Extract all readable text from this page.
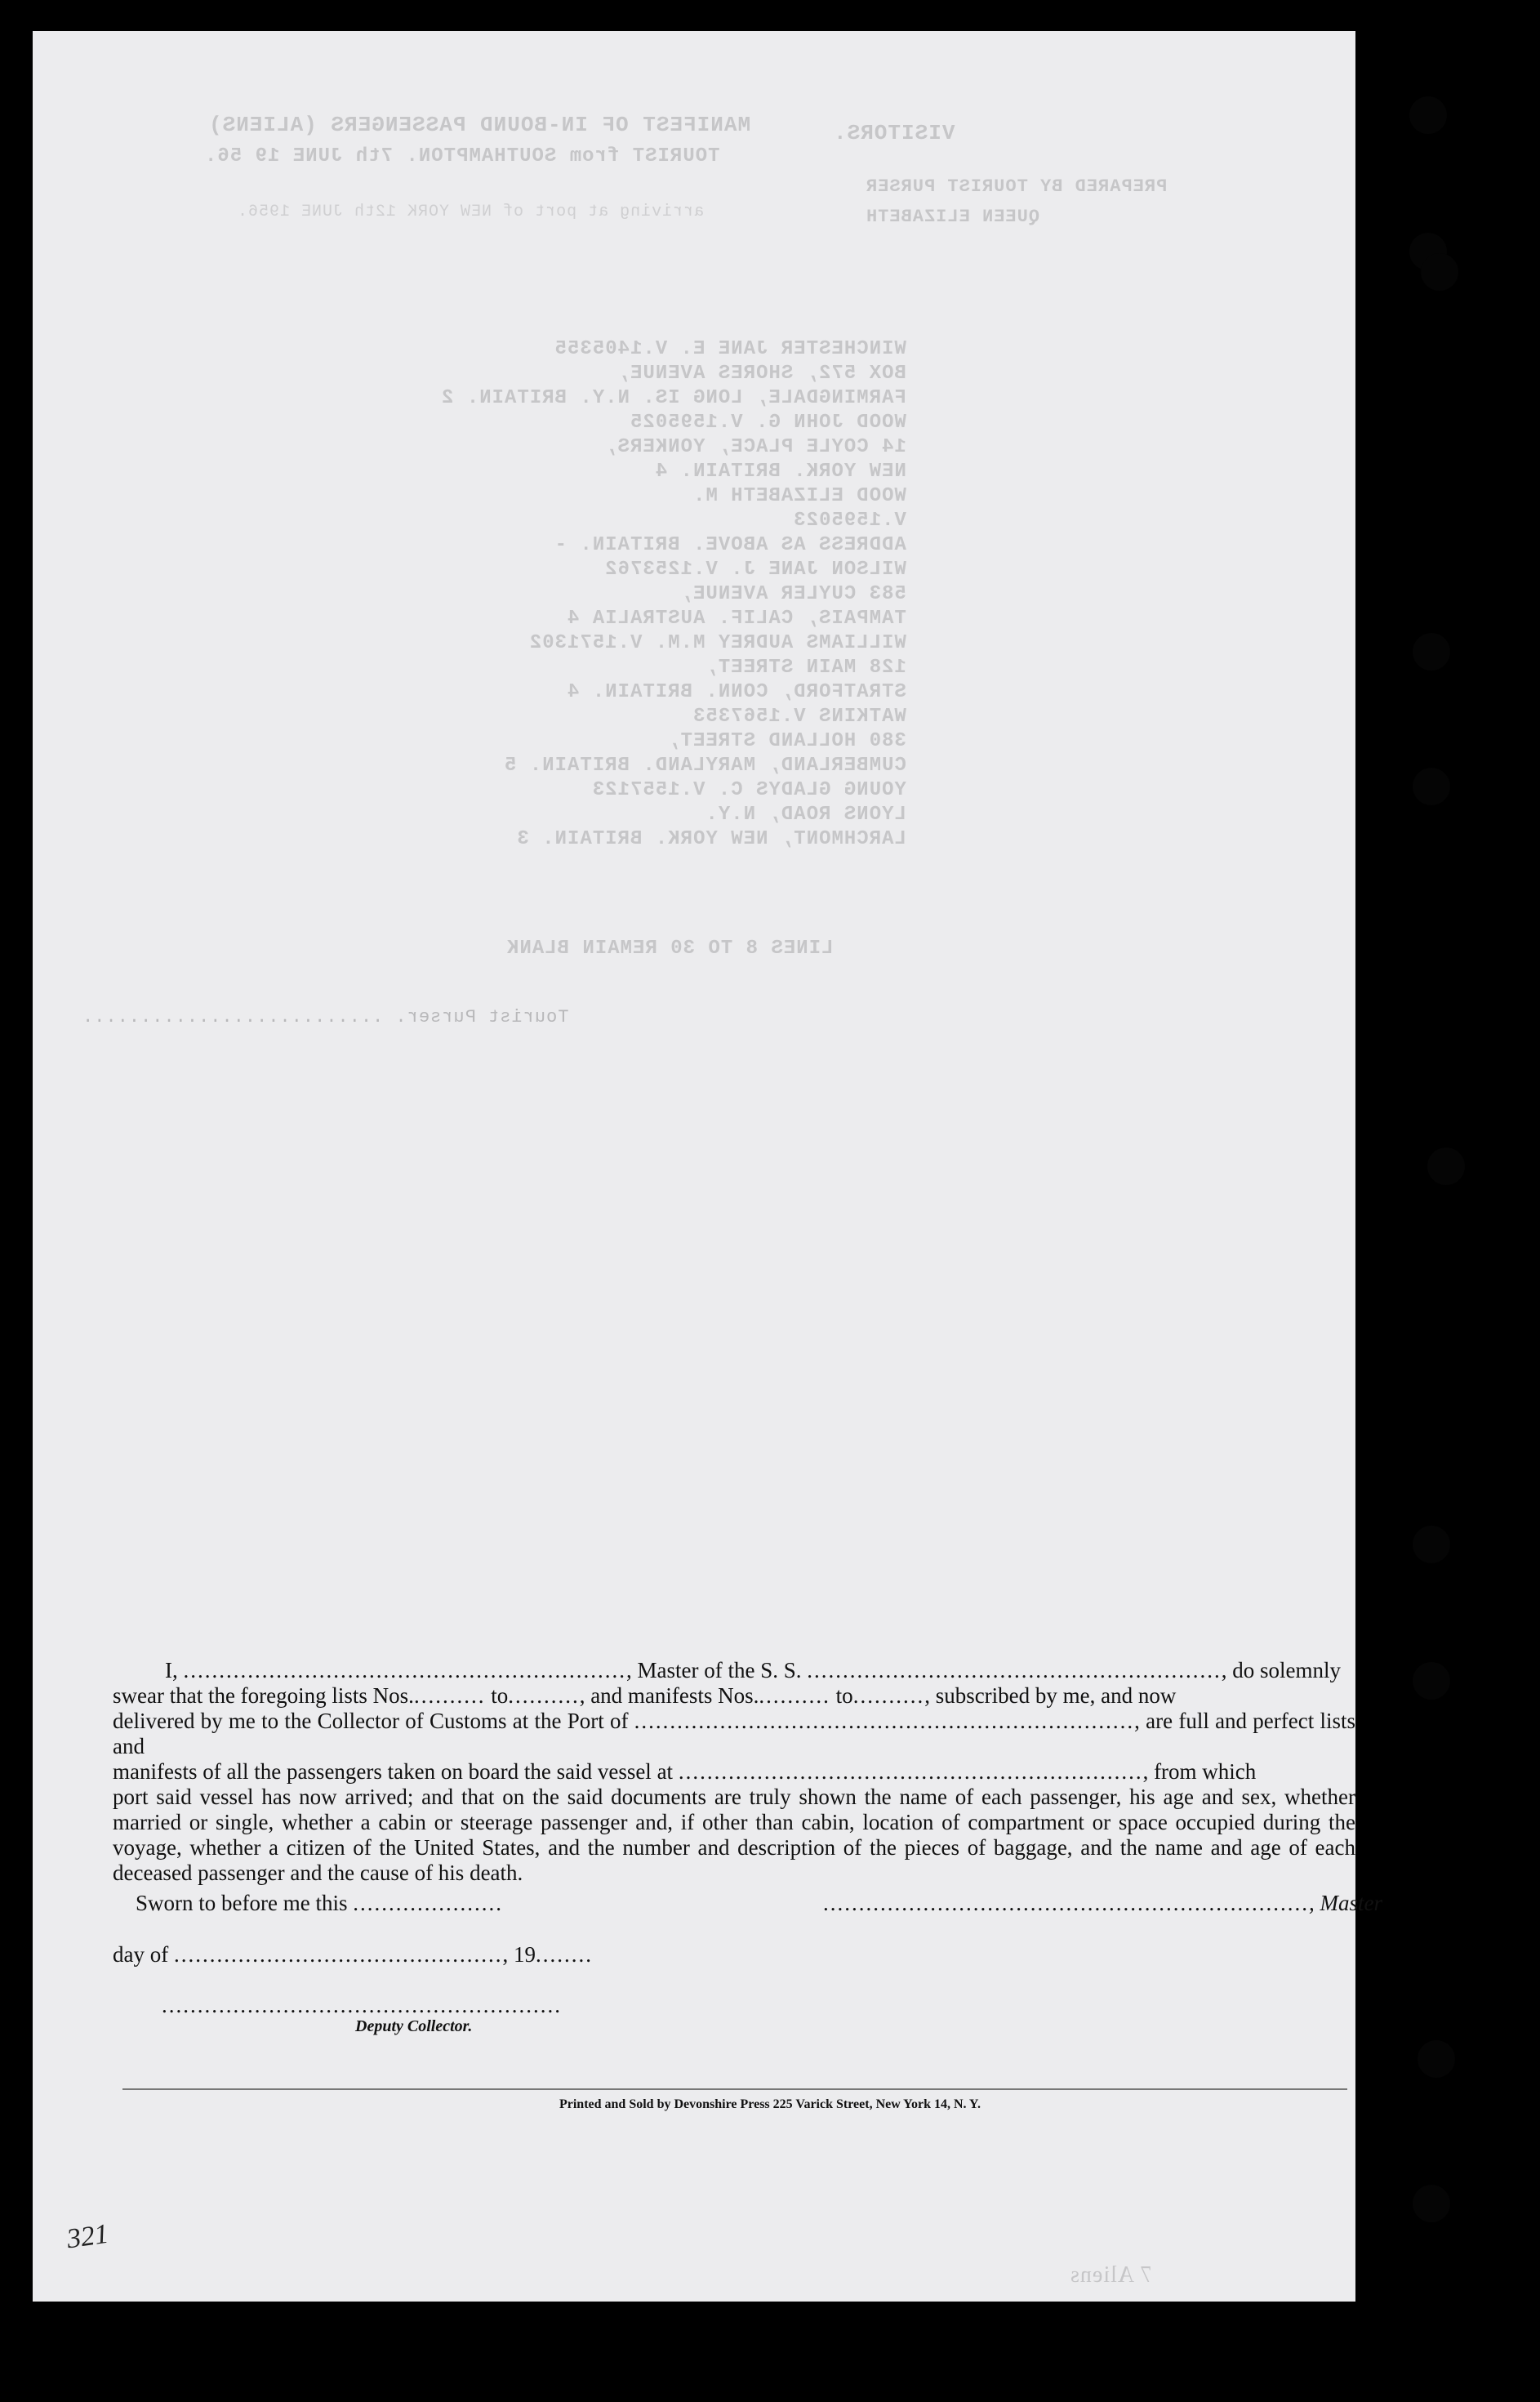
MANIFEST OF IN-BOUND PASSENGERS (ALIENS)
TOURIST from SOUTHAMPTON. 7th JUNE 19 56.
arriving at port of NEW YORK 12th JUNE 1956.
VISITORS.
PREPARED BY TOURIST PURSER
QUEEN ELIZABETH
WINCHESTER JANE E. V.1405355
BOX 572, SHORES AVENUE,
FARMINGDALE, LONG IS. N.Y. BRITAIN. 2
WOOD JOHN G. V.1595025
14 COYLE PLACE, YONKERS,
NEW YORK. BRITAIN. 4
WOOD ELIZABETH M.
V.1595023
ADDRESS AS ABOVE. BRITAIN. -
WILSON JANE J. V.1253762
583 CUYLER AVENUE,
TAMPAIS, CALIF. AUSTRALIA 4
WILLIAMS AUDREY M.M. V.1571302
128 MAIN STREET,
STRATFORD, CONN. BRITAIN. 4
WATKINS V.1567353
380 HOLLAND STREET,
CUMBERLAND, MARYLAND. BRITAIN. 5
YOUNG GLADYS C. V.1557123
LYONS ROAD, N.Y.
LARCHMONT, NEW YORK. BRITAIN. 3
LINES 8 TO 30 REMAIN BLANK
Tourist Purser. ..........................

I, .............................................................., Master of the S. S. .........................................................., do solemnly

swear that the foregoing lists Nos........... to.........., and manifests Nos........... to.........., subscribed by me, and now

delivered by me to the Collector of Customs at the Port of ......................................................................, are full and perfect lists and

manifests of all the passengers taken on board the said vessel at ................................................................., from which

port said vessel has now arrived; and that on the said documents are truly shown the name of each passenger, his age and sex, whether married or single, whether a cabin or steerage passenger and, if other than cabin, location of compartment or space occupied during the voyage, whether a citizen of the United States, and the number and description of the pieces of baggage, and the name and age of each deceased passenger and the cause of his death.

Sworn to before me this .....................	...................................................................., Master
day of .............................................., 19........
........................................................
Deputy Collector.
Printed and Sold by Devonshire Press 225 Varick Street, New York 14, N. Y.
321
7 Aliens
